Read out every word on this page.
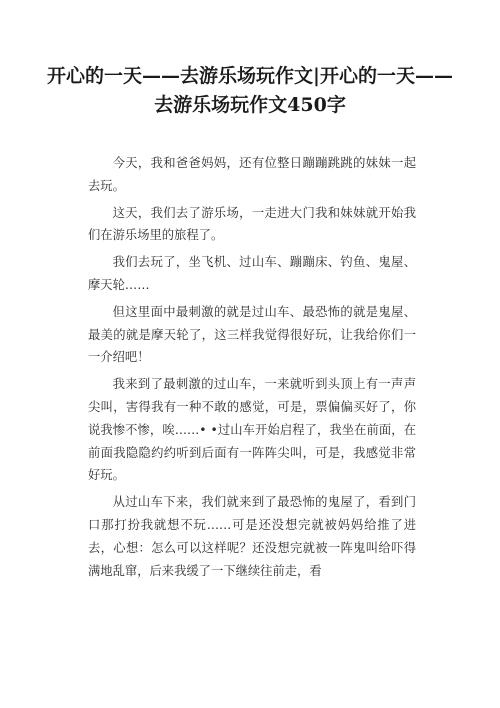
开心的一天——去游乐场玩作文|开心的一天——去游乐场玩作文450字

今天，我和爸爸妈妈，还有位整日蹦蹦跳跳的妹妹一起去玩。

这天，我们去了游乐场，一走进大门我和妹妹就开始我们在游乐场里的旅程了。

我们去玩了，坐飞机、过山车、蹦蹦床、钓鱼、鬼屋、摩天轮……

但这里面中最刺激的就是过山车、最恐怖的就是鬼屋、最美的就是摩天轮了，这三样我觉得很好玩，让我给你们一一介绍吧！

我来到了最刺激的过山车，一来就听到头顶上有一声声尖叫，害得我有一种不敢的感觉，可是，票偏偏买好了，你说我惨不惨，唉……• •过山车开始启程了，我坐在前面，在前面我隐隐约约听到后面有一阵阵尖叫，可是，我感觉非常好玩。

从过山车下来，我们就来到了最恐怖的鬼屋了，看到门口那打扮我就想不玩……可是还没想完就被妈妈给推了进去，心想：怎么可以这样呢？还没想完就被一阵鬼叫给吓得满地乱窜，后来我缓了一下继续往前走，看
